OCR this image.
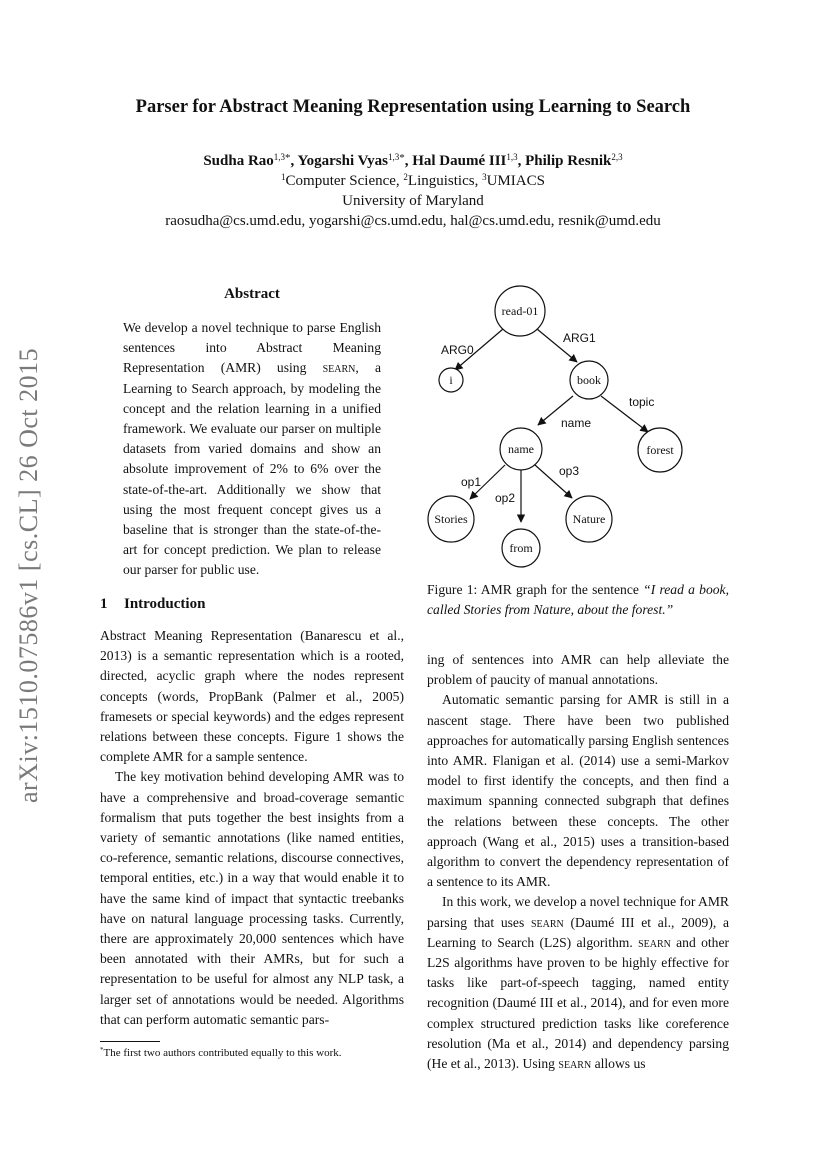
arXiv:1510.07586v1 [cs.CL] 26 Oct 2015
Parser for Abstract Meaning Representation using Learning to Search
Sudha Rao$^{1,3*}$, Yogarshi Vyas$^{1,3*}$, Hal Daumé III$^{1,3}$, Philip Resnik$^{2,3}$
$^1$Computer Science, $^2$Linguistics, $^3$UMIACS
University of Maryland
raosudha@cs.umd.edu, yogarshi@cs.umd.edu, hal@cs.umd.edu, resnik@umd.edu
Abstract
We develop a novel technique to parse English sentences into Abstract Meaning Representation (AMR) using searn, a Learning to Search approach, by modeling the concept and the relation learning in a unified framework. We evaluate our parser on multiple datasets from varied domains and show an absolute improvement of 2% to 6% over the state-of-the-art. Additionally we show that using the most frequent concept gives us a baseline that is stronger than the state-of-the-art for concept prediction. We plan to release our parser for public use.
1 Introduction

Abstract Meaning Representation (Banarescu et al., 2013) is a semantic representation which is a rooted, directed, acyclic graph where the nodes represent concepts (words, PropBank (Palmer et al., 2005) framesets or special keywords) and the edges represent relations between these concepts. Figure 1 shows the complete AMR for a sample sentence.

The key motivation behind developing AMR was to have a comprehensive and broad-coverage semantic formalism that puts together the best insights from a variety of semantic annotations (like named entities, co-reference, semantic relations, discourse connectives, temporal entities, etc.) in a way that would enable it to have the same kind of impact that syntactic treebanks have on natural language processing tasks. Currently, there are approximately 20,000 sentences which have been annotated with their AMRs, but for such a representation to be useful for almost any NLP task, a larger set of annotations would be needed. Algorithms that can perform automatic semantic pars-

*The first two authors contributed equally to this work.
read-01
i	book
forest
name
Stories
from
Nature
ARG0
ARG1
topic
name
op1
op2
op3
Figure 1: AMR graph for the sentence “I read a book, called Stories from Nature, about the forest.”

ing of sentences into AMR can help alleviate the problem of paucity of manual annotations.

Automatic semantic parsing for AMR is still in a nascent stage. There have been two published approaches for automatically parsing English sentences into AMR. Flanigan et al. (2014) use a semi-Markov model to first identify the concepts, and then find a maximum spanning connected subgraph that defines the relations between these concepts. The other approach (Wang et al., 2015) uses a transition-based algorithm to convert the dependency representation of a sentence to its AMR.

In this work, we develop a novel technique for AMR parsing that uses searn (Daumé III et al., 2009), a Learning to Search (L2S) algorithm. searn and other L2S algorithms have proven to be highly effective for tasks like part-of-speech tagging, named entity recognition (Daumé III et al., 2014), and for even more complex structured prediction tasks like coreference resolution (Ma et al., 2014) and dependency parsing (He et al., 2013). Using searn allows us
